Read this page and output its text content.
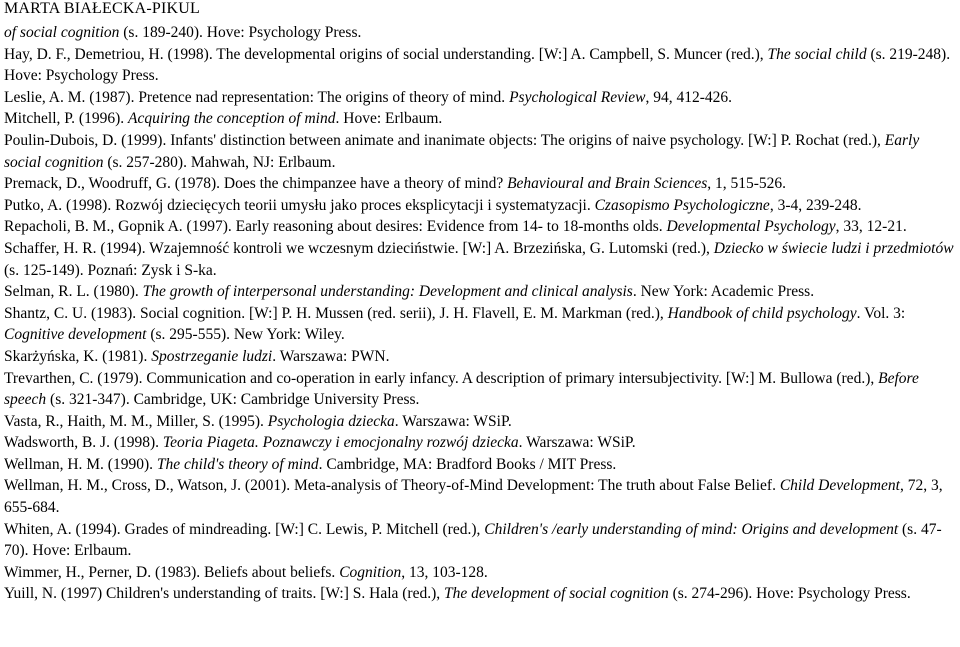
MARTA BIAŁECKA-PIKUL
of social cognition (s. 189-240). Hove: Psychology Press.
Hay, D. F., Demetriou, H. (1998). The developmental origins of social understanding. [W:] A. Campbell, S. Muncer (red.), The social child (s. 219-248). Hove: Psychology Press.
Leslie, A. M. (1987). Pretence nad representation: The origins of theory of mind. Psychological Review, 94, 412-426.
Mitchell, P. (1996). Acquiring the conception of mind. Hove: Erlbaum.
Poulin-Dubois, D. (1999). Infants' distinction between animate and inanimate objects: The origins of naive psychology. [W:] P. Rochat (red.), Early social cognition (s. 257-280). Mahwah, NJ: Erlbaum.
Premack, D., Woodruff, G. (1978). Does the chimpanzee have a theory of mind? Behavioural and Brain Sciences, 1, 515-526.
Putko, A. (1998). Rozwój dziecięcych teorii umysłu jako proces eksplicytacji i systematyzacji. Czasopismo Psychologiczne, 3-4, 239-248.
Repacholi, B. M., Gopnik A. (1997). Early reasoning about desires: Evidence from 14- to 18-months olds. Developmental Psychology, 33, 12-21.
Schaffer, H. R. (1994). Wzajemność kontroli we wczesnym dzieciństwie. [W:] A. Brzezińska, G. Lutomski (red.), Dziecko w świecie ludzi i przedmiotów (s. 125-149). Poznań: Zysk i S-ka.
Selman, R. L. (1980). The growth of interpersonal understanding: Development and clinical analysis. New York: Academic Press.
Shantz, C. U. (1983). Social cognition. [W:] P. H. Mussen (red. serii), J. H. Flavell, E. M. Markman (red.), Handbook of child psychology. Vol. 3: Cognitive development (s. 295-555). New York: Wiley.
Skarżyńska, K. (1981). Spostrzeganie ludzi. Warszawa: PWN.
Trevarthen, C. (1979). Communication and co-operation in early infancy. A description of primary intersubjectivity. [W:] M. Bullowa (red.), Before speech (s. 321-347). Cambridge, UK: Cambridge University Press.
Vasta, R., Haith, M. M., Miller, S. (1995). Psychologia dziecka. Warszawa: WSiP.
Wadsworth, B. J. (1998). Teoria Piageta. Poznawczy i emocjonalny rozwój dziecka. Warszawa: WSiP.
Wellman, H. M. (1990). The child's theory of mind. Cambridge, MA: Bradford Books / MIT Press.
Wellman, H. M., Cross, D., Watson, J. (2001). Meta-analysis of Theory-of-Mind Development: The truth about False Belief. Child Development, 72, 3, 655-684.
Whiten, A. (1994). Grades of mindreading. [W:] C. Lewis, P. Mitchell (red.), Children's /early understanding of mind: Origins and development (s. 47-70). Hove: Erlbaum.
Wimmer, H., Perner, D. (1983). Beliefs about beliefs. Cognition, 13, 103-128.
Yuill, N. (1997) Children's understanding of traits. [W:] S. Hala (red.), The development of social cognition (s. 274-296). Hove: Psychology Press.
